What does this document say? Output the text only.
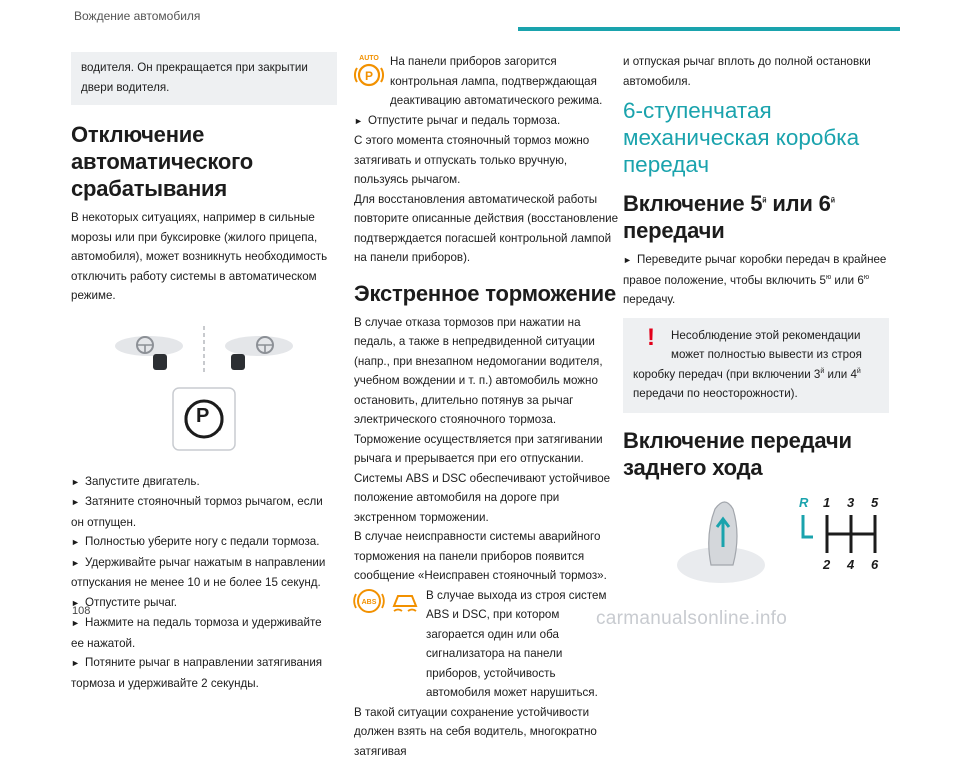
Вождение автомобиля

водителя. Он прекращается при закрытии двери водителя.

Отключение автоматического срабатывания

В некоторых ситуациях, например в сильные морозы или при буксировке (жилого прицепа, автомобиля), может возникнуть необходимость отключить работу системы в автоматическом режиме.

P
► Запустите двигатель.
► Затяните стояночный тормоз рычагом, если он отпущен.
► Полностью уберите ногу с педали тормоза.
► Удерживайте рычаг нажатым в направлении отпускания не менее 10 и не более 15 секунд.
► Отпустите рычаг.
► Нажмите на педаль тормоза и удерживайте ее нажатой.
► Потяните рычаг в направлении затягивания тормоза и удерживайте 2 секунды.
P
AUTO На панели приборов загорится контрольная лампа, подтверждающая деактивацию автоматического режима.

► Отпустите рычаг и педаль тормоза.

С этого момента стояночный тормоз можно затягивать и отпускать только вручную, пользуясь рычагом.

Для восстановления автоматической работы повторите описанные действия (восстановление подтверждается погасшей контрольной лампой на панели приборов).

Экстренное торможение

В случае отказа тормозов при нажатии на педаль, а также в непредвиденной ситуации (напр., при внезапном недомогании водителя, учебном вождении и т. п.) автомобиль можно остановить, длительно потянув за рычаг электрического стояночного тормоза. Торможение осуществляется при затягивании рычага и прерывается при его отпускании.

Системы ABS и DSC обеспечивают устойчивое положение автомобиля на дороге при экстренном торможении.

В случае неисправности системы аварийного торможения на панели приборов появится сообщение «Неисправен стояночный тормоз».

ABS

В случае выхода из строя систем ABS и DSC, при котором загорается один или оба сигнализатора на панели приборов, устойчивость автомобиля может нарушиться.

В такой ситуации сохранение устойчивости должен взять на себя водитель, многократно затягивая

и отпуская рычаг вплоть до полной остановки автомобиля.

6-ступенчатая механическая коробка передач
Включение $5^й$ или $6^й$ передачи
► Переведите рычаг коробки передач в крайнее правое положение, чтобы включить $5^ю$ или $6^ю$ передачу.
!	Несоблюдение этой рекомендации может полностью вывести из строя коробку передач (при включении $3^й$ или $4^й$ передачи по неосторожности).
Включение передачи заднего хода
R 1 3 5
2 4 6
108	carmanualsonline.info
